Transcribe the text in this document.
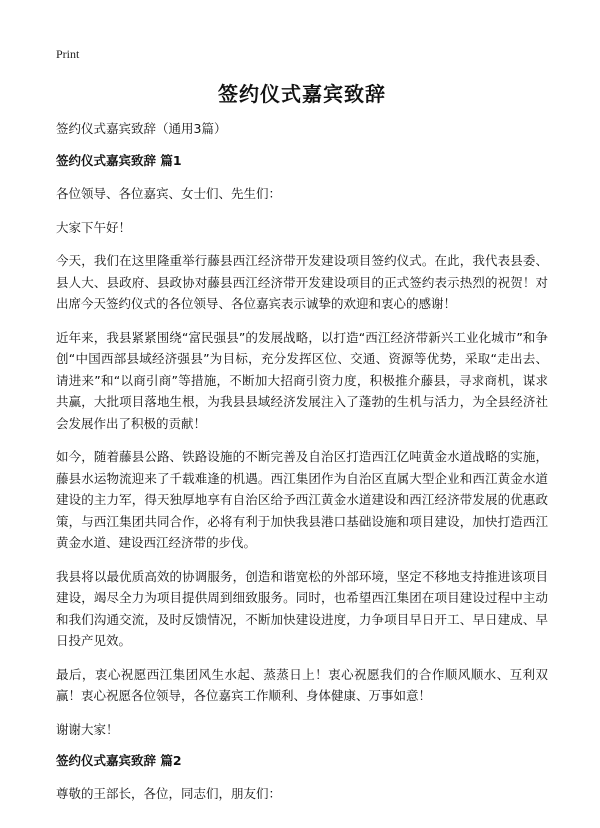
Print
签约仪式嘉宾致辞

签约仪式嘉宾致辞（通用3篇）

签约仪式嘉宾致辞 篇1

各位领导、各位嘉宾、女士们、先生们：

大家下午好！

今天，我们在这里隆重举行藤县西江经济带开发建设项目签约仪式。在此，我代表县委、县人大、县政府、县政协对藤县西江经济带开发建设项目的正式签约表示热烈的祝贺！对出席今天签约仪式的各位领导、各位嘉宾表示诚挚的欢迎和衷心的感谢！

近年来，我县紧紧围绕“富民强县”的发展战略，以打造“西江经济带新兴工业化城市”和争创“中国西部县域经济强县”为目标，充分发挥区位、交通、资源等优势，采取“走出去、请进来”和“以商引商”等措施，不断加大招商引资力度，积极推介藤县，寻求商机，谋求共赢，大批项目落地生根，为我县县域经济发展注入了蓬勃的生机与活力，为全县经济社会发展作出了积极的贡献！

如今，随着藤县公路、铁路设施的不断完善及自治区打造西江亿吨黄金水道战略的实施，藤县水运物流迎来了千载难逢的机遇。西江集团作为自治区直属大型企业和西江黄金水道建设的主力军，得天独厚地享有自治区给予西江黄金水道建设和西江经济带发展的优惠政策，与西江集团共同合作，必将有利于加快我县港口基础设施和项目建设，加快打造西江黄金水道、建设西江经济带的步伐。

我县将以最优质高效的协调服务，创造和谐宽松的外部环境，坚定不移地支持推进该项目建设，竭尽全力为项目提供周到细致服务。同时，也希望西江集团在项目建设过程中主动和我们沟通交流，及时反馈情况，不断加快建设进度，力争项目早日开工、早日建成、早日投产见效。

最后，衷心祝愿西江集团风生水起、蒸蒸日上！衷心祝愿我们的合作顺风顺水、互利双赢！衷心祝愿各位领导，各位嘉宾工作顺利、身体健康、万事如意！

谢谢大家！

签约仪式嘉宾致辞 篇2

尊敬的王部长，各位，同志们，朋友们：
